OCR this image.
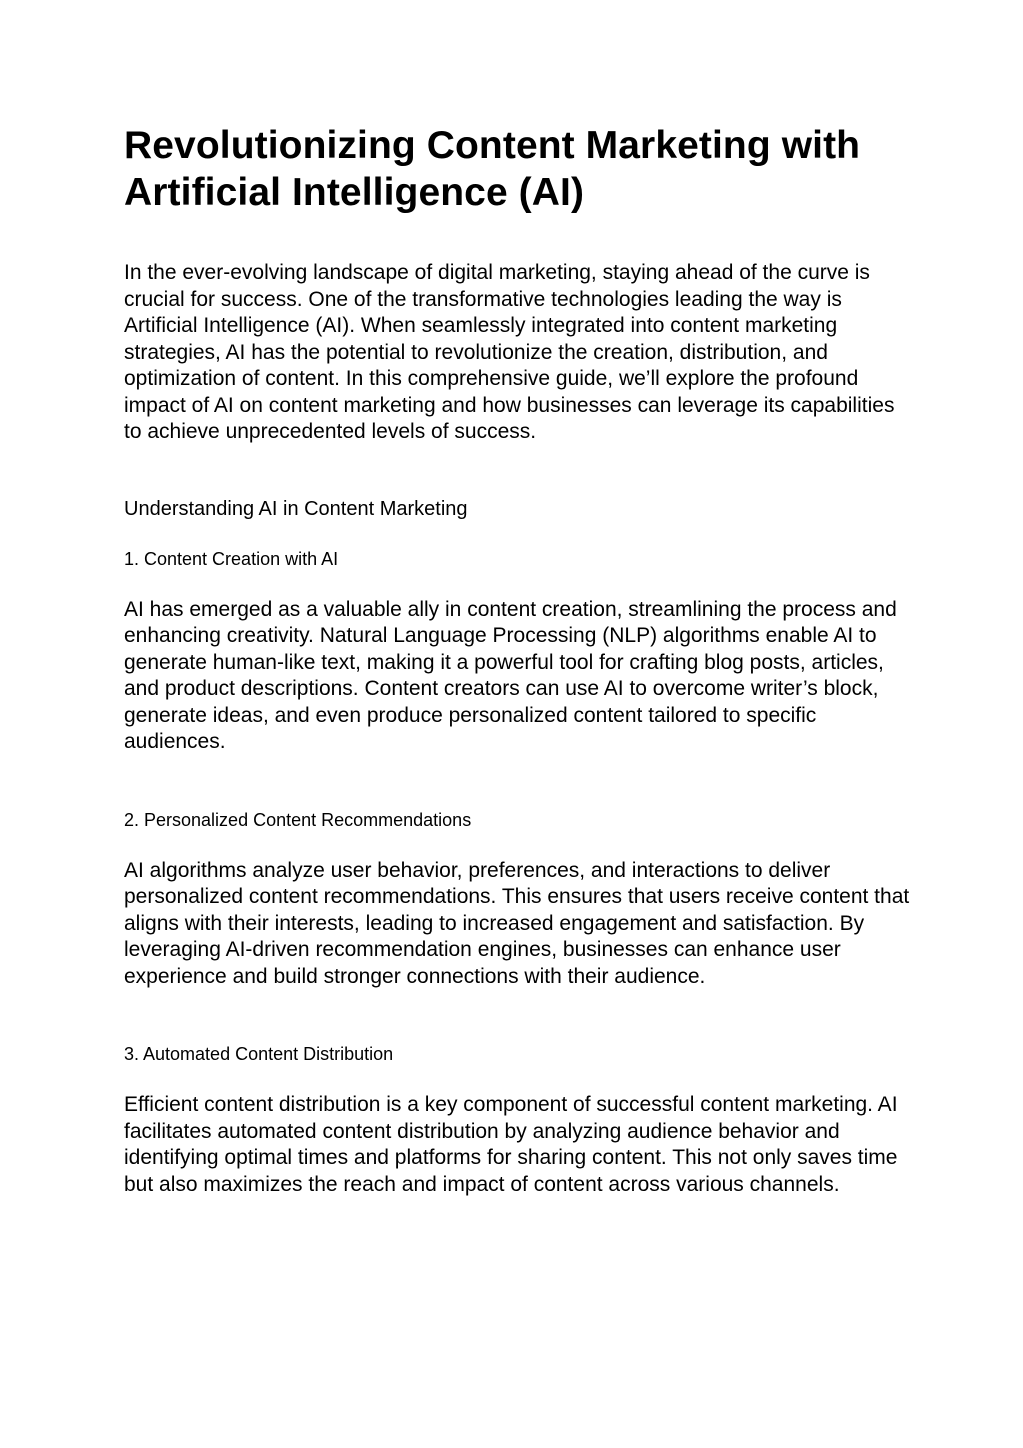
Revolutionizing Content Marketing with Artificial Intelligence (AI)

In the ever-evolving landscape of digital marketing, staying ahead of the curve is crucial for success. One of the transformative technologies leading the way is Artificial Intelligence (AI). When seamlessly integrated into content marketing strategies, AI has the potential to revolutionize the creation, distribution, and optimization of content. In this comprehensive guide, we’ll explore the profound impact of AI on content marketing and how businesses can leverage its capabilities to achieve unprecedented levels of success.

Understanding AI in Content Marketing

1. Content Creation with AI

AI has emerged as a valuable ally in content creation, streamlining the process and enhancing creativity. Natural Language Processing (NLP) algorithms enable AI to generate human-like text, making it a powerful tool for crafting blog posts, articles, and product descriptions. Content creators can use AI to overcome writer’s block, generate ideas, and even produce personalized content tailored to specific audiences.

2. Personalized Content Recommendations

AI algorithms analyze user behavior, preferences, and interactions to deliver personalized content recommendations. This ensures that users receive content that aligns with their interests, leading to increased engagement and satisfaction. By leveraging AI-driven recommendation engines, businesses can enhance user experience and build stronger connections with their audience.

3. Automated Content Distribution

Efficient content distribution is a key component of successful content marketing. AI facilitates automated content distribution by analyzing audience behavior and identifying optimal times and platforms for sharing content. This not only saves time but also maximizes the reach and impact of content across various channels.
